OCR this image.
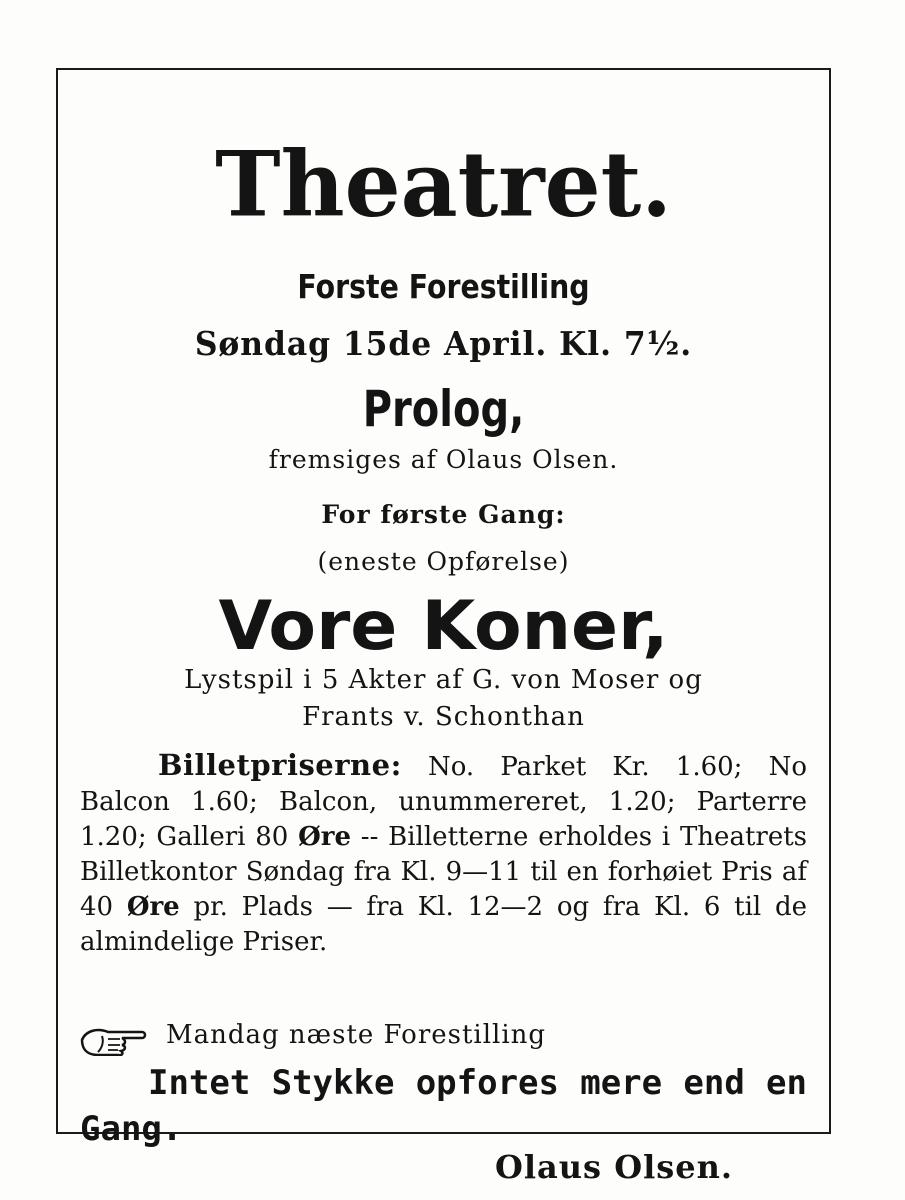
Theatret.
Forste Forestilling
Søndag 15de April. Kl. 7½.
Prolog,
fremsiges af Olaus Olsen.
For første Gang:
(eneste Opførelse)
Vore Koner,
Lystspil i 5 Akter af G. von Moser og
Frants v. Schonthan
Billetpriserne: No. Parket Kr. 1.60; No Balcon 1.60; Balcon, unummereret, 1.20; Parterre 1.20; Galleri 80 Øre -- Billetterne erholdes i Theatrets Billetkontor Søndag fra Kl. 9—11 til en forhøiet Pris af 40 Øre pr. Plads — fra Kl. 12—2 og fra Kl. 6 til de almindelige Priser.
Mandag næste Forestilling
Intet Stykke opfores mere end en Gang.
Olaus Olsen.
